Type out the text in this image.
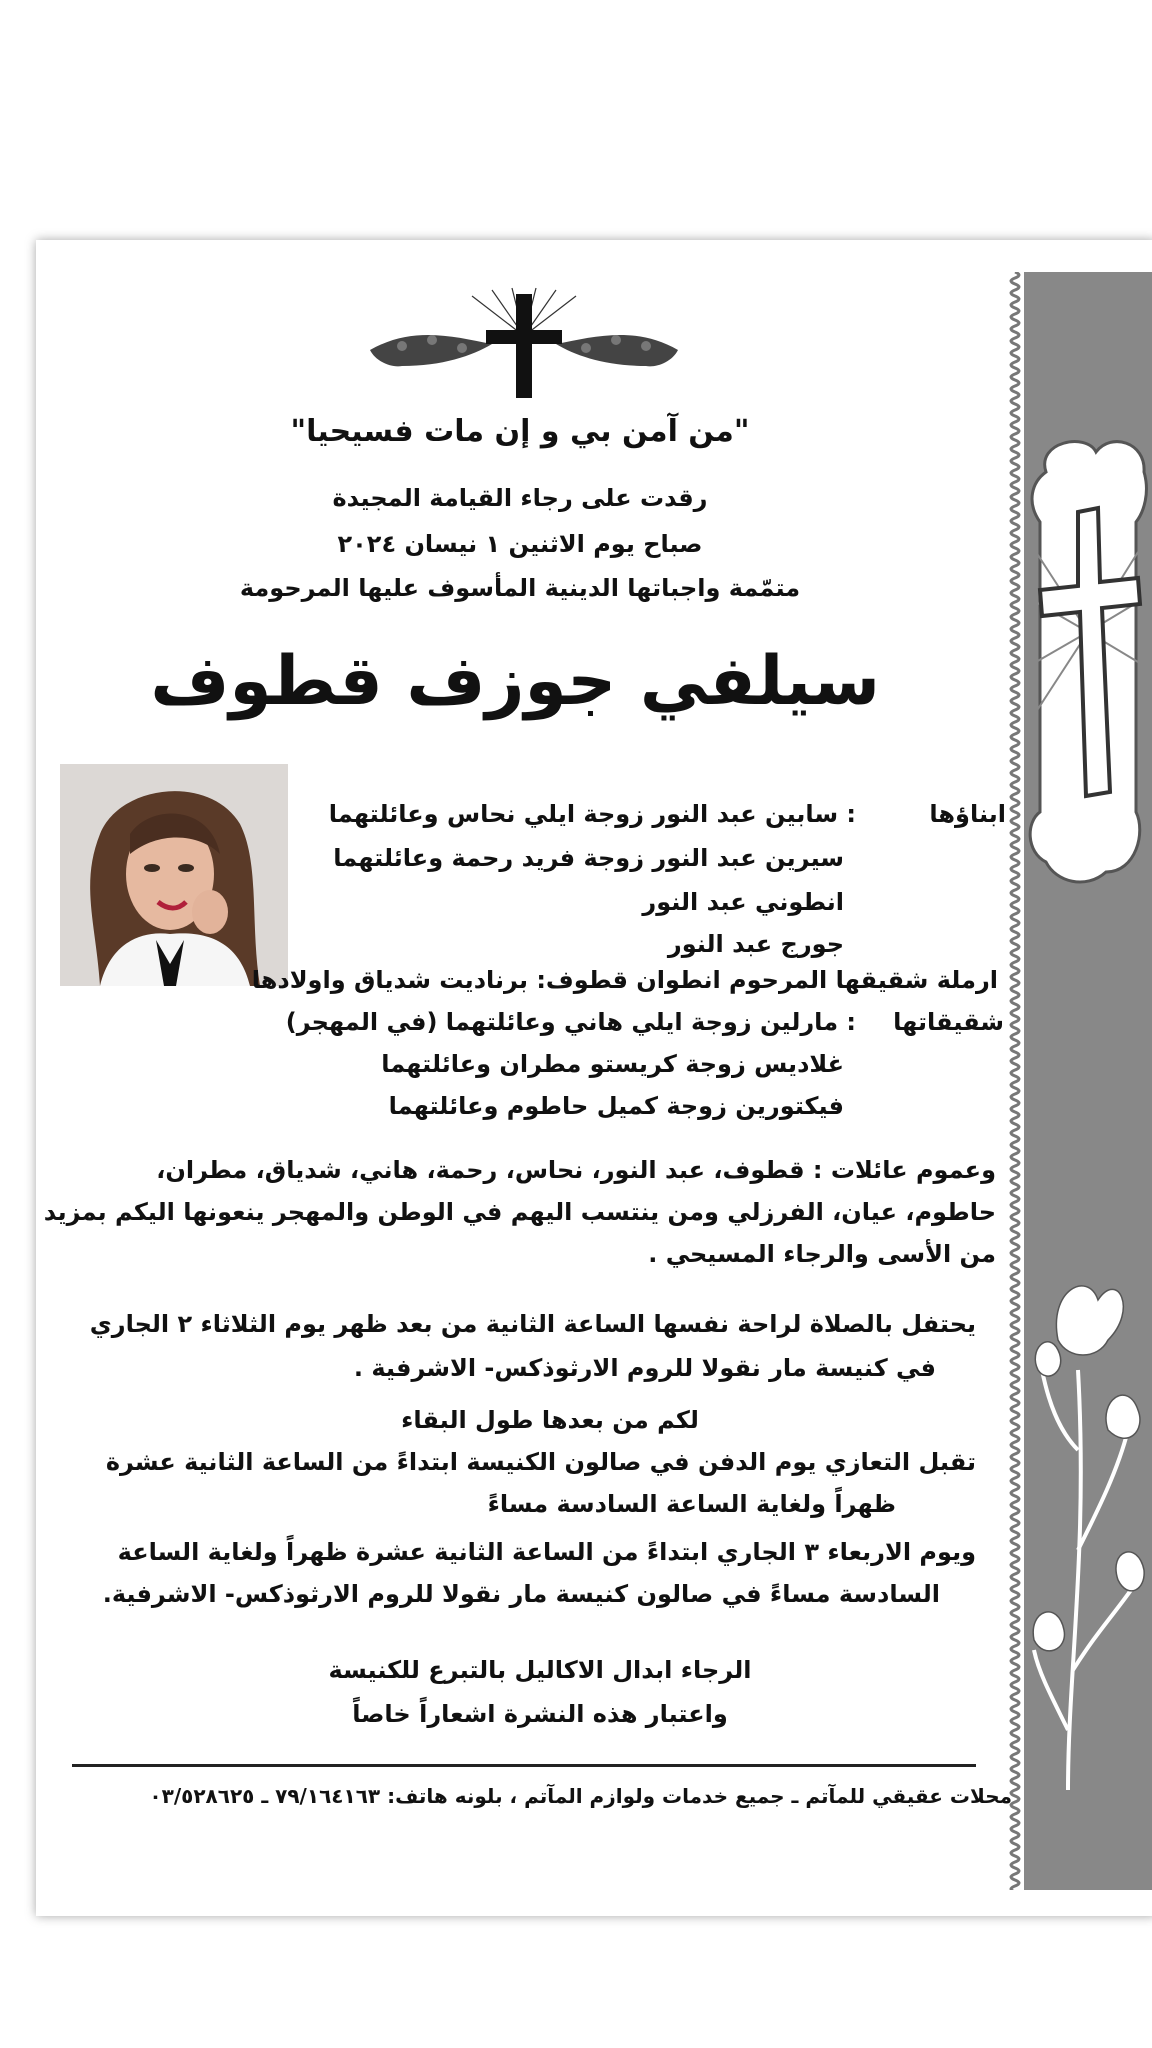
"من آمن بي و إن مات فسيحيا"
رقدت على رجاء القيامة المجيدة
صباح يوم الاثنين ١ نيسان ٢٠٢٤
متمّمة واجباتها الدينية المأسوف عليها المرحومة
سيلفي جوزف قطوف
ابناؤها
: سابين عبد النور زوجة ايلي نحاس وعائلتهما
سيرين عبد النور زوجة فريد رحمة وعائلتهما
انطوني عبد النور
جورج عبد النور
ارملة شقيقها المرحوم انطوان قطوف: برناديت شدياق واولادها
شقيقاتها
: مارلين زوجة ايلي هاني وعائلتهما (في المهجر)
غلاديس زوجة كريستو مطران وعائلتهما
فيكتورين زوجة كميل حاطوم وعائلتهما
وعموم عائلات : قطوف، عبد النور، نحاس، رحمة، هاني، شدياق، مطران،
حاطوم، عيان، الفرزلي ومن ينتسب اليهم في الوطن والمهجر ينعونها اليكم بمزيد
من الأسى والرجاء المسيحي .
يحتفل بالصلاة لراحة نفسها الساعة الثانية من بعد ظهر يوم الثلاثاء ٢ الجاري
في كنيسة مار نقولا للروم الارثوذكس- الاشرفية .
لكم من بعدها طول البقاء
تقبل التعازي يوم الدفن في صالون الكنيسة ابتداءً من الساعة الثانية عشرة
ظهراً ولغاية الساعة السادسة مساءً
ويوم الاربعاء ٣ الجاري ابتداءً من الساعة الثانية عشرة ظهراً ولغاية الساعة
السادسة مساءً في صالون كنيسة مار نقولا للروم الارثوذكس- الاشرفية.
الرجاء ابدال الاكاليل بالتبرع للكنيسة
واعتبار هذه النشرة اشعاراً خاصاً
محلات عقيقي للمآتم ـ جميع خدمات ولوازم المآتم ، بلونه هاتف: ٧٩/١٦٤١٦٣ ـ ٠٣/٥٢٨٦٢٥
